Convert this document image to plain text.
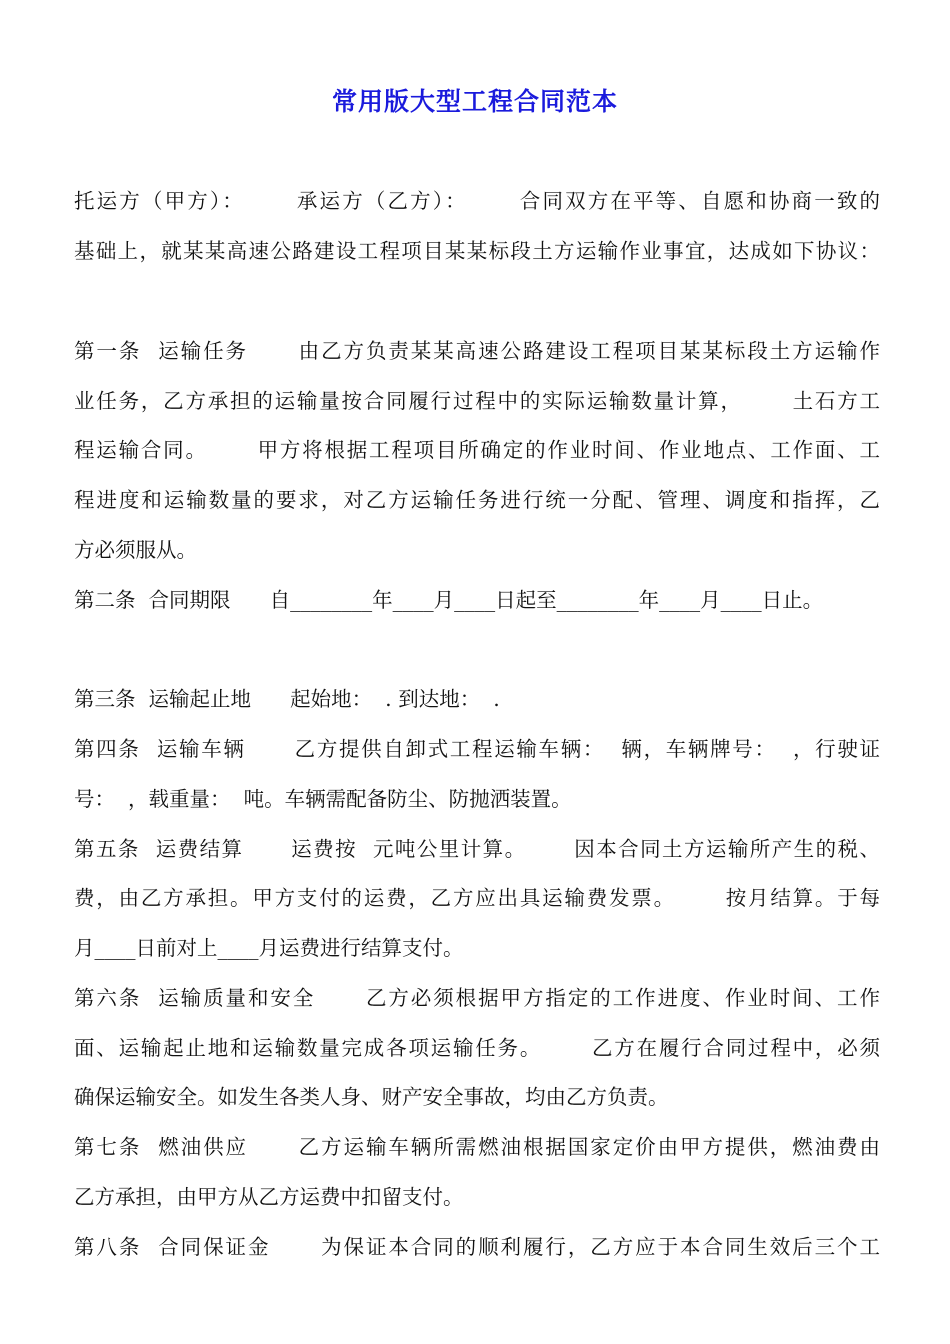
常用版大型工程合同范本

托运方（甲方）：      承运方（乙方）：      合同双方在平等、自愿和协商一致的

基础上，就某某高速公路建设工程项目某某标段土方运输作业事宜，达成如下协议：

第一条  运输任务      由乙方负责某某高速公路建设工程项目某某标段土方运输作

业任务，乙方承担的运输量按合同履行过程中的实际运输数量计算，      土石方工

程运输合同。      甲方将根据工程项目所确定的作业时间、作业地点、工作面、工

程进度和运输数量的要求，对乙方运输任务进行统一分配、管理、调度和指挥，乙

方必须服从。

第二条  合同期限      自________年____月____日起至________年____月____日止。

第三条  运输起止地      起始地：  . 到达地：  .

第四条  运输车辆      乙方提供自卸式工程运输车辆：  辆，车辆牌号：  ，行驶证

号：  ，载重量：  吨。车辆需配备防尘、防抛洒装置。

第五条  运费结算      运费按  元吨公里计算。      因本合同土方运输所产生的税、

费，由乙方承担。甲方支付的运费，乙方应出具运输费发票。      按月结算。于每

月____日前对上____月运费进行结算支付。

第六条  运输质量和安全      乙方必须根据甲方指定的工作进度、作业时间、工作

面、运输起止地和运输数量完成各项运输任务。      乙方在履行合同过程中，必须

确保运输安全。如发生各类人身、财产安全事故，均由乙方负责。

第七条  燃油供应      乙方运输车辆所需燃油根据国家定价由甲方提供，燃油费由

乙方承担，由甲方从乙方运费中扣留支付。

第八条  合同保证金      为保证本合同的顺利履行，乙方应于本合同生效后三个工
